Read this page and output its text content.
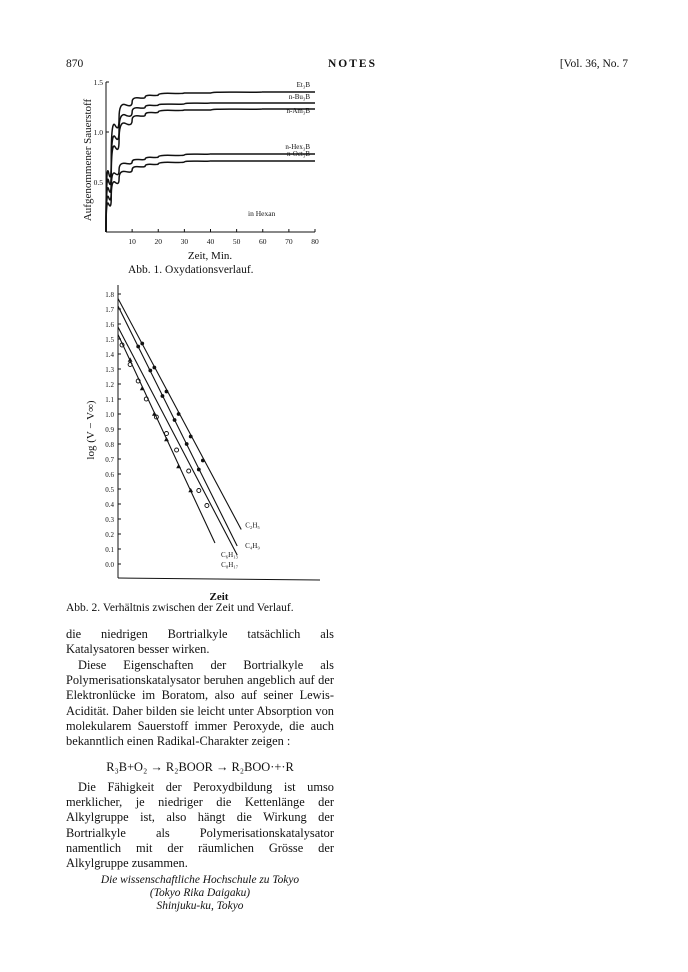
870	NOTES	[Vol. 36, No. 7
10 20 30 40 50 60 70 80
0.5
1.0
1.5
Zeit, Min.
Aufgenommener Sauerstoff	in Hexan
Et₃B
n-Bu₃B
n-Am₃B
n-Hex₃B
n-Oct₃B
Abb. 1. Oxydationsverlauf.
0.0
0.1
0.2
0.3
0.4
0.5
0.6
0.7
0.8
0.9
1.0
1.1
1.2
1.3
1.4
1.5
1.6
1.7
1.8
Zeit
log (V − V∞)
C₂H₅
C₄H₉
C₈H₁₇
C₆H₁₃
Abb. 2. Verhältnis zwischen der Zeit und Verlauf.

die niedrigen Bortrialkyle tatsächlich als Katalysatoren besser wirken.

Diese Eigenschaften der Bortrialkyle als Polymerisationskatalysator beruhen angeblich auf der Elektronlücke im Boratom, also auf seiner Lewis-Acidität. Daher bilden sie leicht unter Absorption von molekularem Sauerstoff immer Peroxyde, die auch bekanntlich einen Radikal-Charakter zeigen :

R₃B+O₂ → R₂BOOR → R₂BOO·+·R

Die Fähigkeit der Peroxydbildung ist umso merklicher, je niedriger die Kettenlänge der Alkylgruppe ist, also hängt die Wirkung der Bortrialkyle als Polymerisationskatalysator namentlich mit der räumlichen Grösse der Alkylgruppe zusammen.

Die wissenschaftliche Hochschule zu Tokyo
(Tokyo Rika Daigaku)
Shinjuku-ku, Tokyo
